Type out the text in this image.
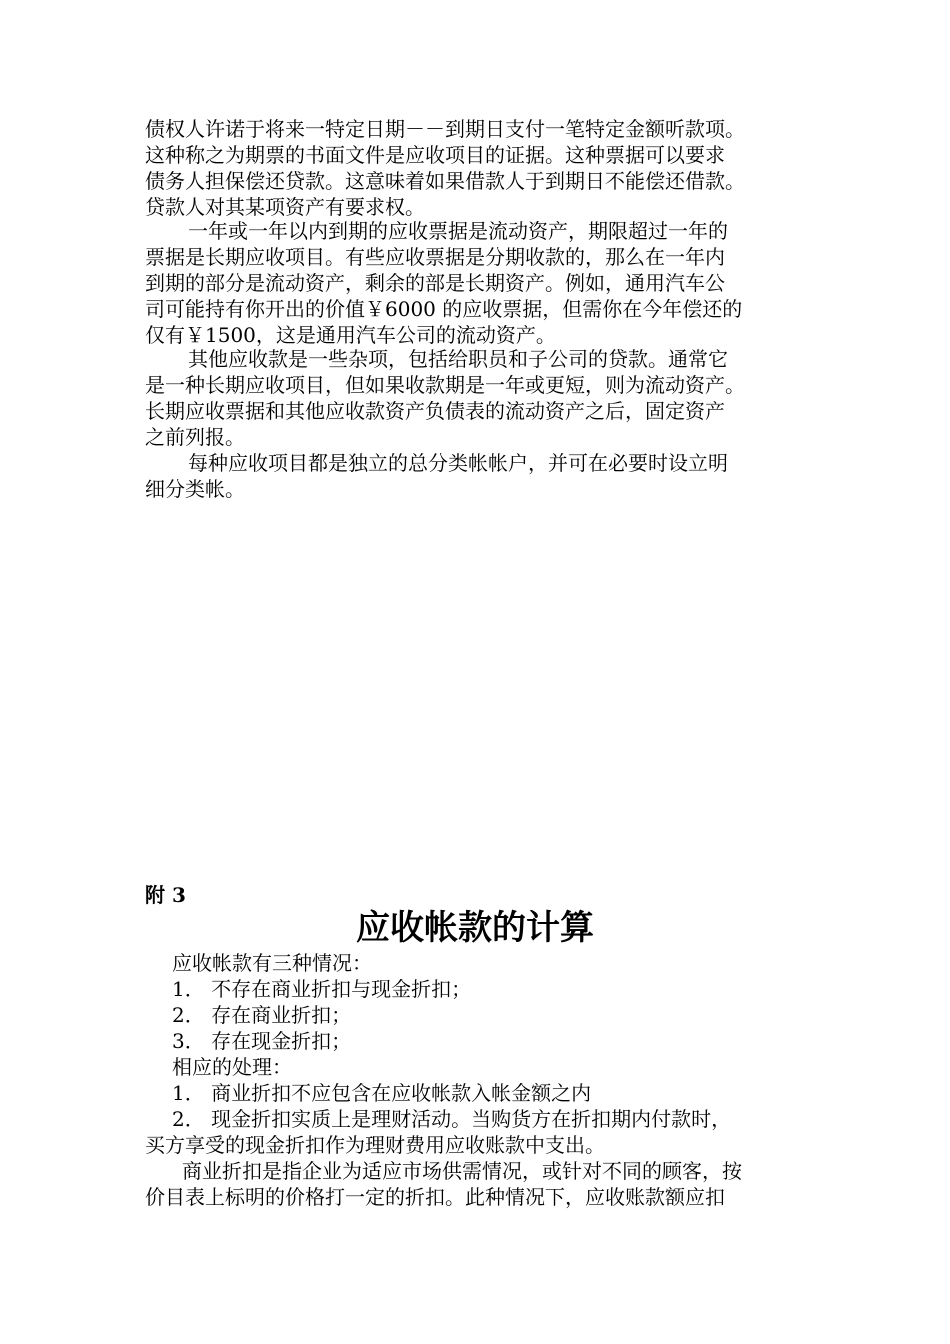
债权人许诺于将来一特定日期－－到期日支付一笔特定金额听款项。
这种称之为期票的书面文件是应收项目的证据。这种票据可以要求
债务人担保偿还贷款。这意味着如果借款人于到期日不能偿还借款。
贷款人对其某项资产有要求权。
一年或一年以内到期的应收票据是流动资产，期限超过一年的
票据是长期应收项目。有些应收票据是分期收款的，那么在一年内
到期的部分是流动资产，剩余的部是长期资产。例如，通用汽车公
司可能持有你开出的价值￥6000 的应收票据，但需你在今年偿还的
仅有￥1500，这是通用汽车公司的流动资产。
其他应收款是一些杂项，包括给职员和子公司的贷款。通常它
是一种长期应收项目，但如果收款期是一年或更短，则为流动资产。
长期应收票据和其他应收款资产负债表的流动资产之后，固定资产
之前列报。
每种应收项目都是独立的总分类帐帐户，并可在必要时设立明
细分类帐。
附 3
应收帐款的计算
应收帐款有三种情况：
1． 不存在商业折扣与现金折扣；
2． 存在商业折扣；
3． 存在现金折扣；
相应的处理：
1． 商业折扣不应包含在应收帐款入帐金额之内
2． 现金折扣实质上是理财活动。当购货方在折扣期内付款时，
买方享受的现金折扣作为理财费用应收账款中支出。
商业折扣是指企业为适应市场供需情况，或针对不同的顾客，按
价目表上标明的价格打一定的折扣。此种情况下，应收账款额应扣
